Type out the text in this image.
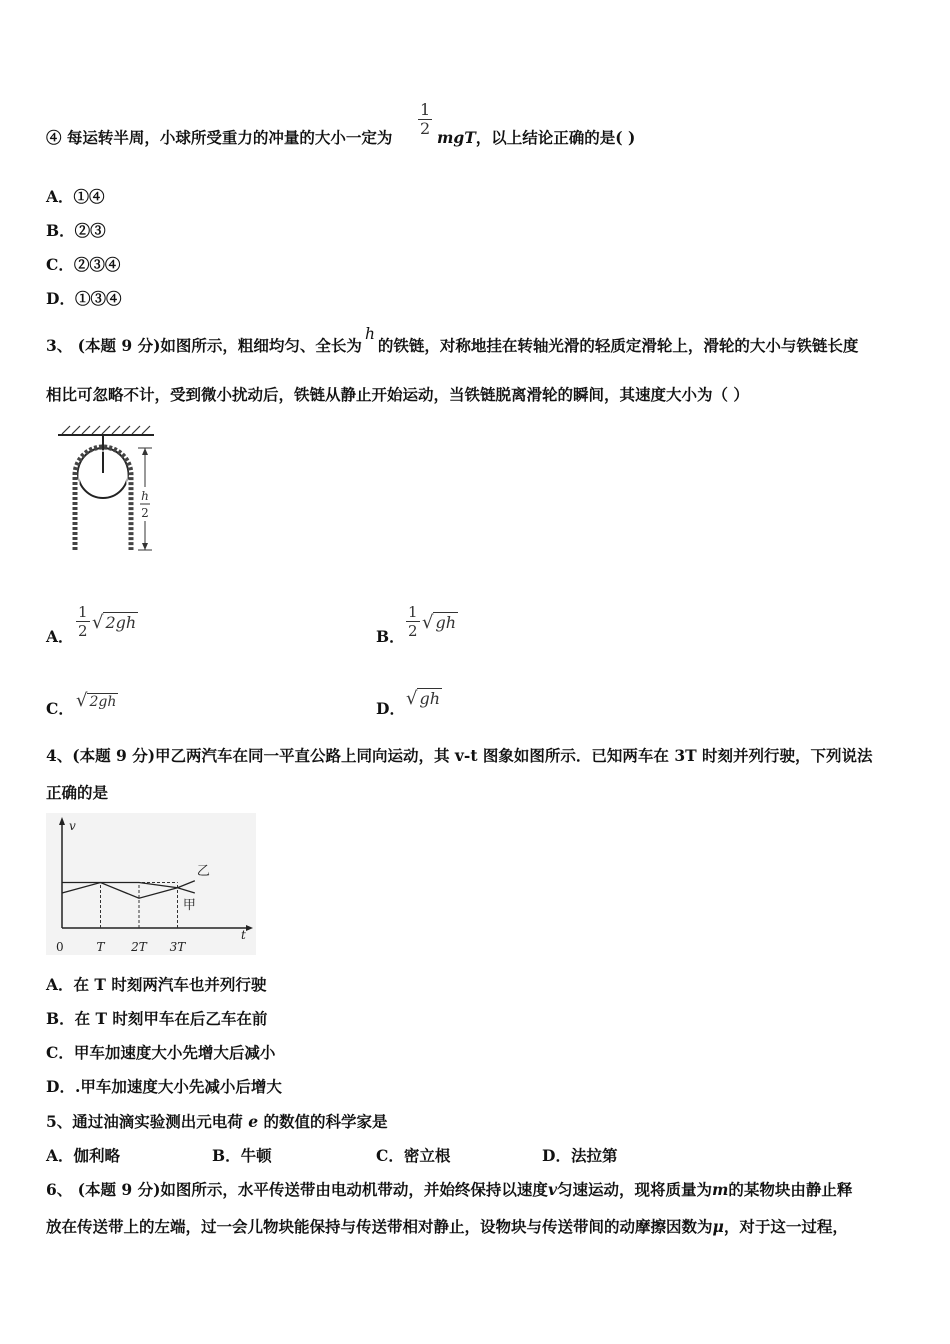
④ 每运转半周，小球所受重力的冲量的大小一定为 $\frac{1}{2}$ mgT，以上结论正确的是( )
A．①④
B．②③
C．②③④
D．①③④
3、 (本题 9 分)如图所示，粗细均匀、全长为h的铁链，对称地挂在转轴光滑的轻质定滑轮上，滑轮的大小与铁链长度
相比可忽略不计，受到微小扰动后，铁链从静止开始运动，当铁链脱离滑轮的瞬间，其速度大小为（ ）
h
2
A． $\frac{1}{2}$ √ 2gh
B． $\frac{1}{2}$ √ gh
C． √ 2gh	D． √ gh
4、(本题 9 分)甲乙两汽车在同一平直公路上同向运动，其 v-t 图象如图所示．已知两车在 3T 时刻并列行驶，下列说法
正确的是
t
v
0	T 2T 3T
乙
甲
A．在 T 时刻两汽车也并列行驶
B．在 T 时刻甲车在后乙车在前
C．甲车加速度大小先增大后减小
D．.甲车加速度大小先减小后增大
5、通过油滴实验测出元电荷 e 的数值的科学家是
A．伽利略	B．牛顿	C．密立根	D．法拉第
6、 (本题 9 分)如图所示，水平传送带由电动机带动，并始终保持以速度v匀速运动，现将质量为m的某物块由静止释
放在传送带上的左端，过一会儿物块能保持与传送带相对静止，设物块与传送带间的动摩擦因数为μ，对于这一过程，
